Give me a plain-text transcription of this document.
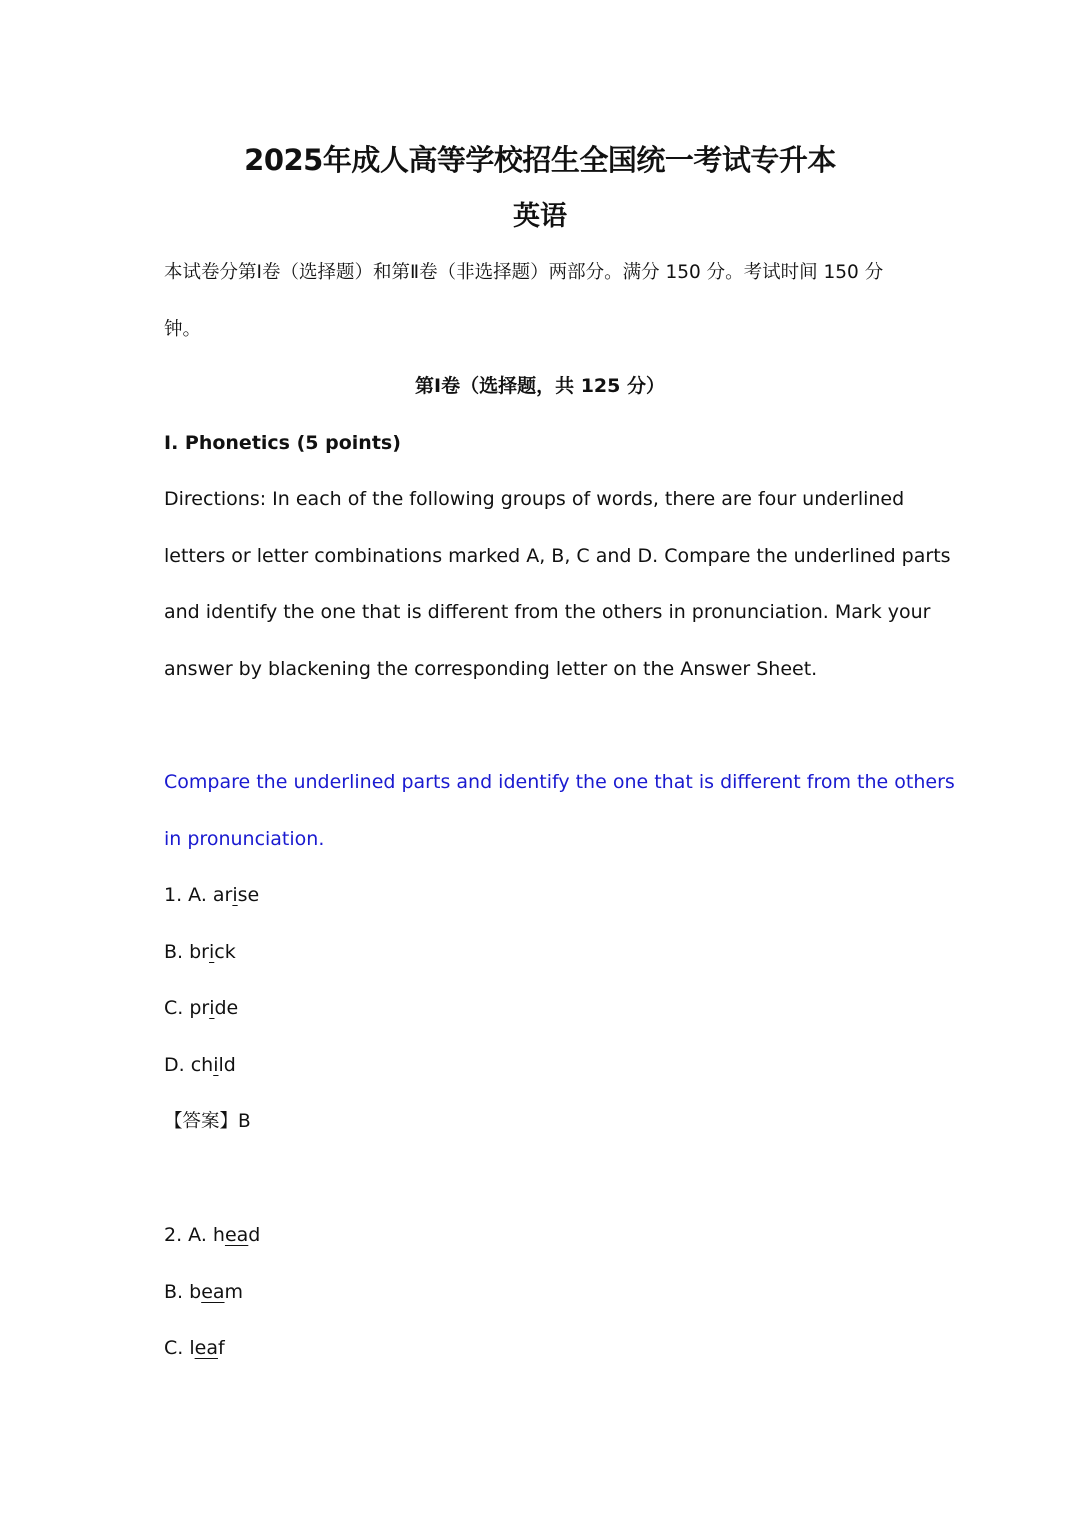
2025年成人高等学校招生全国统一考试专升本
英语
本试卷分第Ⅰ卷（选择题）和第Ⅱ卷（非选择题）两部分。满分 150 分。考试时间 150 分
钟。
第Ⅰ卷（选择题，共 125 分）
Ⅰ. Phonetics (5 points)
Directions: In each of the following groups of words, there are four underlined
letters or letter combinations marked A, B, C and D. Compare the underlined parts
and identify the one that is different from the others in pronunciation. Mark your
answer by blackening the corresponding letter on the Answer Sheet.
Compare the underlined parts and identify the one that is different from the others
in pronunciation.
1. A. arise
B. brick
C. pride
D. child
【答案】B
2. A. head
B. beam
C. leaf
